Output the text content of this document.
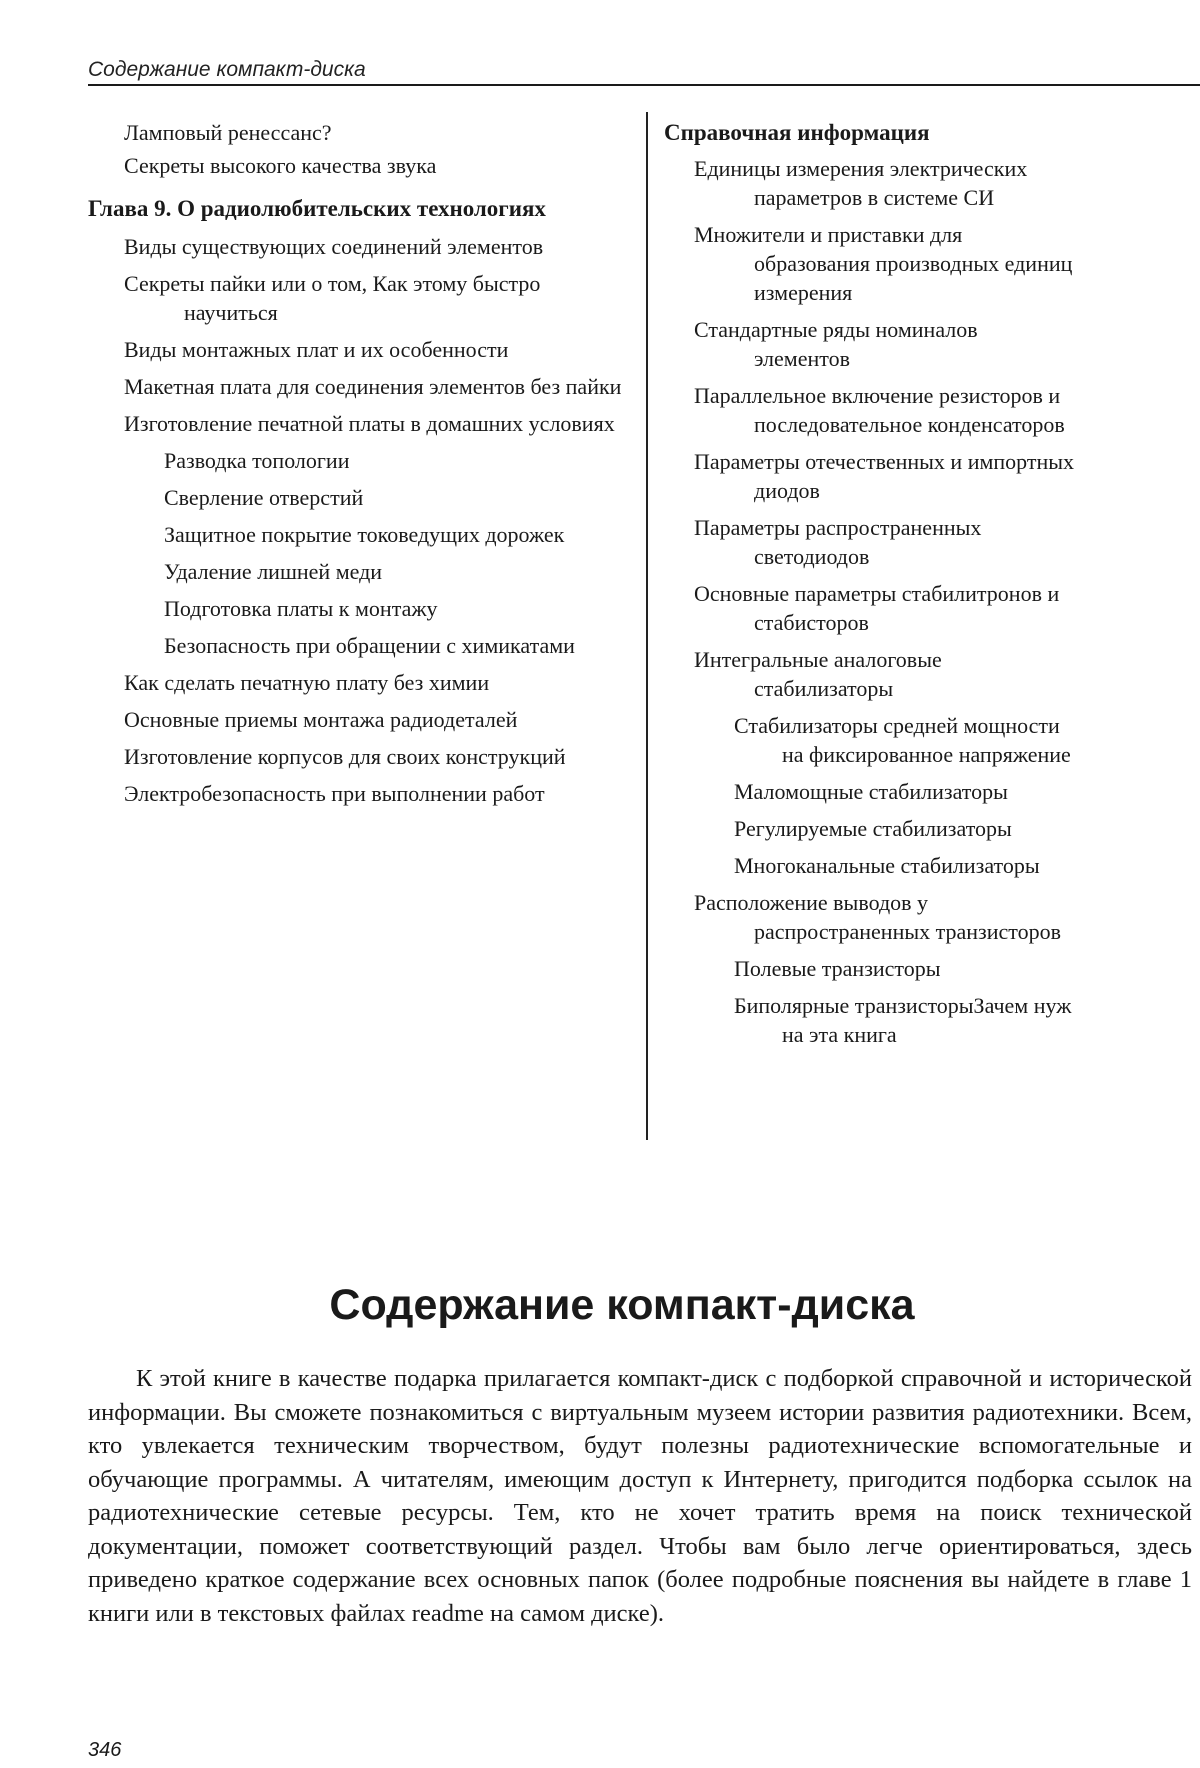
Содержание компакт-диска
Ламповый ренессанс?
Секреты высокого качества звука
Глава 9. О радиолюбительских технологиях
Виды существующих соединений элементов
Секреты пайки или о том, Как этому быстро научиться
Виды монтажных плат и их особенности
Макетная плата для соединения элементов без пайки
Изготовление печатной платы в домашних условиях
Разводка топологии
Сверление отверстий
Защитное покрытие токоведущих дорожек
Удаление лишней меди
Подготовка платы к монтажу
Безопасность при обращении с химикатами
Как сделать печатную плату без химии
Основные приемы монтажа радиодеталей
Изготовление корпусов для своих конструкций
Электробезопасность при выполнении работ
Справочная информация
Единицы измерения электрических
параметров в системе СИ
Множители и приставки для
образования производных единиц
измерения
Стандартные ряды номиналов
элементов
Параллельное включение резисторов и
последовательное конденсаторов
Параметры отечественных и импортных
диодов
Параметры распространенных
светодиодов
Основные параметры стабилитронов и
стабисторов
Интегральные аналоговые
стабилизаторы
Стабилизаторы средней мощности
на фиксированное напряжение
Маломощные стабилизаторы
Регулируемые стабилизаторы
Многоканальные стабилизаторы
Расположение выводов у
распространенных транзисторов
Полевые транзисторы
Биполярные транзисторыЗачем нуж
на эта книга
Содержание компакт-диска

К этой книге в качестве подарка прилагается компакт-диск с подборкой справочной и исторической информации. Вы сможете познакомиться с виртуальным музеем истории развития радиотехники. Всем, кто увлекается техническим творчеством, будут полезны радиотехнические вспомогательные и обучающие программы. А читателям, имеющим доступ к Интернету, пригодится подборка ссылок на радиотехнические сетевые ресурсы. Тем, кто не хочет тратить время на поиск технической документации, поможет соответствующий раздел. Чтобы вам было легче ориентироваться, здесь приведено краткое содержание всех основных папок (более подробные пояснения вы найдете в главе 1 книги или в текстовых файлах readme на самом диске).

346
